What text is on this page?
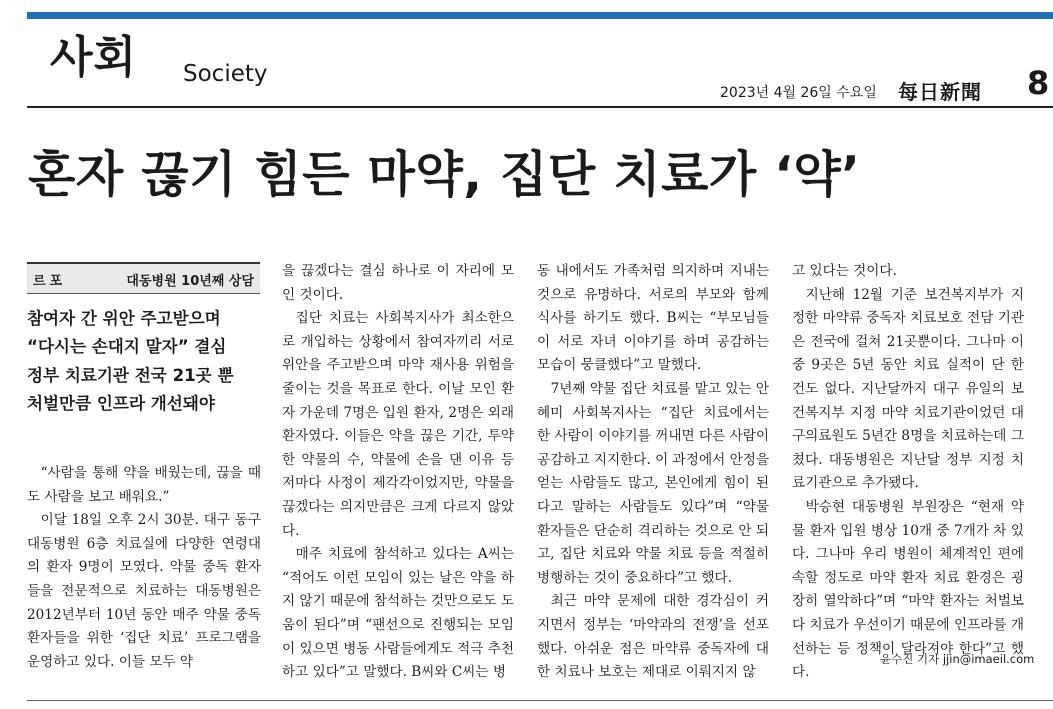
사회 Society
2023년 4월 26일 수요일 每日新聞 8
혼자 끊기 힘든 마약, 집단 치료가 ‘약’
르포	대동병원 10년째 상담
참여자 간 위안 주고받으며
“다시는 손대지 말자” 결심
정부 치료기관 전국 21곳 뿐
처벌만큼 인프라 개선돼야

“사람을 통해 약을 배웠는데, 끊을 때도 사람을 보고 배워요.”

이달 18일 오후 2시 30분. 대구 동구 대동병원 6층 치료실에 다양한 연령대의 환자 9명이 모였다. 약물 중독 환자들을 전문적으로 치료하는 대동병원은 2012년부터 10년 동안 매주 약물 중독 환자들을 위한 ‘집단 치료’ 프로그램을 운영하고 있다. 이들 모두 약

을 끊겠다는 결심 하나로 이 자리에 모인 것이다.

집단 치료는 사회복지사가 최소한으로 개입하는 상황에서 참여자끼리 서로 위안을 주고받으며 마약 재사용 위험을 줄이는 것을 목표로 한다. 이날 모인 환자 가운데 7명은 입원 환자, 2명은 외래 환자였다. 이들은 약을 끊은 기간, 투약한 약물의 수, 약물에 손을 댄 이유 등 저마다 사정이 제각각이었지만, 약물을 끊겠다는 의지만큼은 크게 다르지 않았다.

매주 치료에 참석하고 있다는 A씨는 “적어도 이런 모임이 있는 날은 약을 하지 않기 때문에 참석하는 것만으로도 도움이 된다”며 “팬선으로 진행되는 모임이 있으면 병동 사람들에게도 적극 추천하고 있다”고 말했다. B씨와 C씨는 병

동 내에서도 가족처럼 의지하며 지내는 것으로 유명하다. 서로의 부모와 함께 식사를 하기도 했다. B씨는 “부모님들이 서로 자녀 이야기를 하며 공감하는 모습이 뭉클했다”고 말했다.

7년째 약물 집단 치료를 맡고 있는 안혜미 사회복지사는 “집단 치료에서는 한 사람이 이야기를 꺼내면 다른 사람이 공감하고 지지한다. 이 과정에서 안정을 얻는 사람들도 많고, 본인에게 힘이 된다고 말하는 사람들도 있다”며 “약물 환자들은 단순히 격리하는 것으로 안 되고, 집단 치료와 약물 치료 등을 적절히 병행하는 것이 중요하다”고 했다.

최근 마약 문제에 대한 경각심이 커지면서 정부는 ‘마약과의 전쟁’을 선포했다. 아쉬운 점은 마약류 중독자에 대한 치료나 보호는 제대로 이뤄지지 않

고 있다는 것이다.

지난해 12월 기준 보건복지부가 지정한 마약류 중독자 치료보호 전담 기관은 전국에 걸쳐 21곳뿐이다. 그나마 이 중 9곳은 5년 동안 치료 실적이 단 한 건도 없다. 지난달까지 대구 유일의 보건복지부 지정 마약 치료기관이었던 대구의료원도 5년간 8명을 치료하는데 그쳤다. 대동병원은 지난달 정부 지정 치료기관으로 추가됐다.

박승현 대동병원 부원장은 “현재 약물 환자 입원 병상 10개 중 7개가 차 있다. 그나마 우리 병원이 체계적인 편에 속할 정도로 마약 환자 치료 환경은 굉장히 열악하다”며 “마약 환자는 처벌보다 치료가 우선이기 때문에 인프라를 개선하는 등 정책이 달라져야 한다”고 했다.

윤수진 기자 jjin@imaeil.com
